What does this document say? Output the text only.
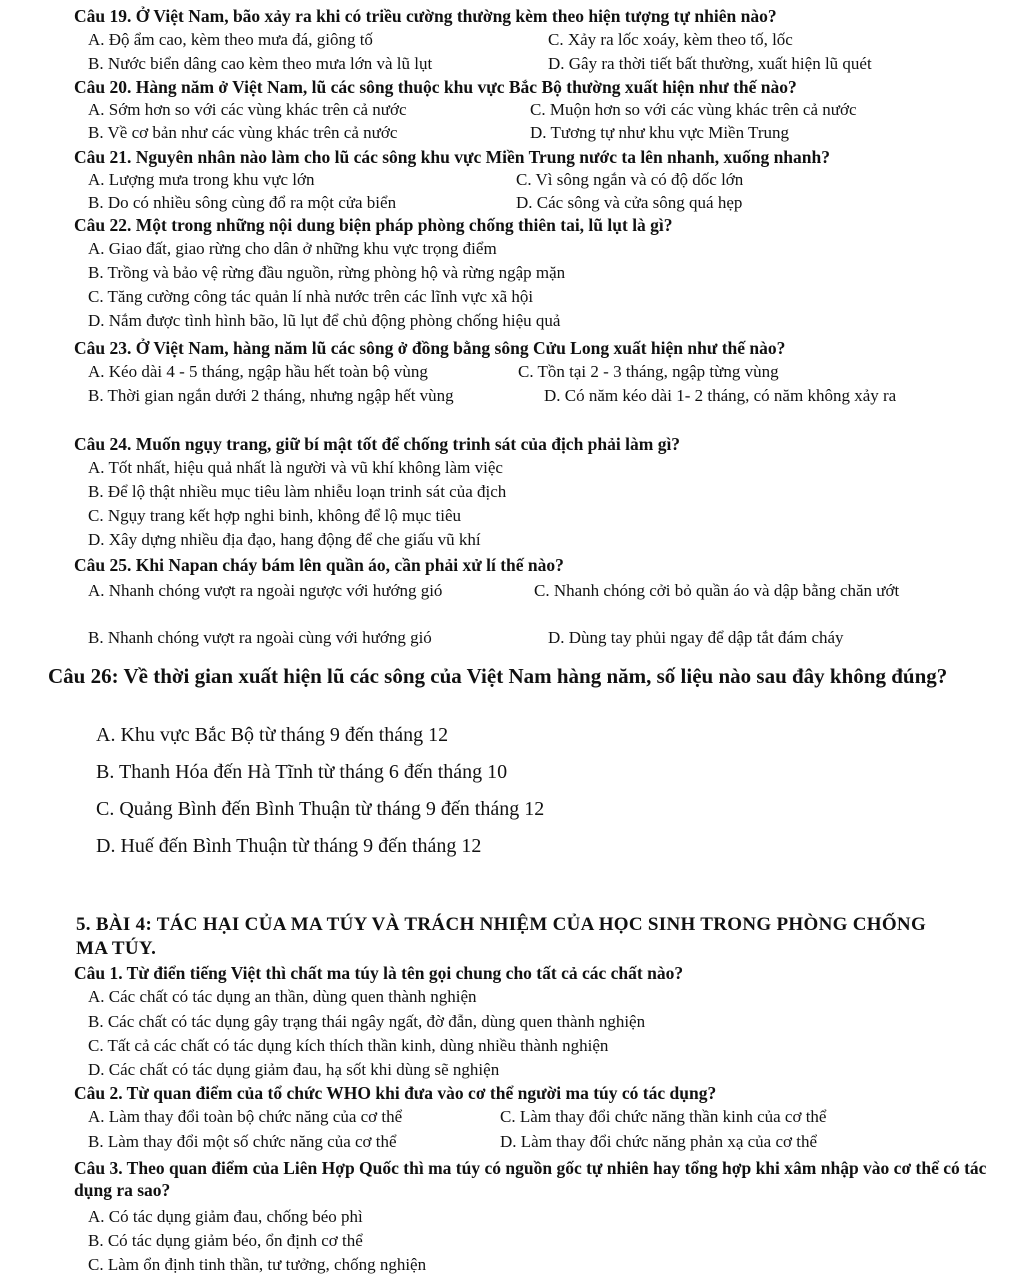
Câu 19. Ở Việt Nam, bão xảy ra khi có triều cường thường kèm theo hiện tượng tự nhiên nào?
A. Độ ẩm cao, kèm theo mưa đá, giông tố	C. Xảy ra lốc xoáy, kèm theo tố, lốc
B. Nước biển dâng cao kèm theo mưa lớn và lũ lụt	D. Gây ra thời tiết bất thường, xuất hiện lũ quét
Câu 20. Hàng năm ở Việt Nam, lũ các sông thuộc khu vực Bắc Bộ thường xuất hiện như thế nào?
A. Sớm hơn so với các vùng khác trên cả nước	C. Muộn hơn so với các vùng khác trên cả nước
B. Về cơ bản như các vùng khác trên cả nước	D. Tương tự như khu vực Miền Trung
Câu 21. Nguyên nhân nào làm cho lũ các sông khu vực Miền Trung nước ta lên nhanh, xuống nhanh?
A. Lượng mưa trong khu vực lớn	C. Vì sông ngắn và có độ dốc lớn
B. Do có nhiều sông cùng đổ ra một cửa biển	D. Các sông và cửa sông quá hẹp
Câu 22. Một trong những nội dung biện pháp phòng chống thiên tai, lũ lụt là gì?
A. Giao đất, giao rừng cho dân ở những khu vực trọng điểm
B. Trồng và bảo vệ rừng đầu nguồn, rừng phòng hộ và rừng ngập mặn
C. Tăng cường công tác quản lí nhà nước trên các lĩnh vực xã hội
D. Nắm được tình hình bão, lũ lụt để chủ động phòng chống hiệu quả
Câu 23. Ở Việt Nam, hàng năm lũ các sông ở đồng bằng sông Cửu Long xuất hiện như thế nào?
A. Kéo dài 4 - 5 tháng, ngập hầu hết toàn bộ vùng	C. Tồn tại 2 - 3 tháng, ngập từng vùng
B. Thời gian ngắn dưới 2 tháng, nhưng ngập hết vùng	D. Có năm kéo dài 1- 2 tháng, có năm không xảy ra
Câu 24. Muốn ngụy trang, giữ bí mật tốt để chống trinh sát của địch phải làm gì?
A. Tốt nhất, hiệu quả nhất là người và vũ khí không làm việc
B. Để lộ thật nhiều mục tiêu làm nhiễu loạn trinh sát của địch
C. Ngụy trang kết hợp nghi binh, không để lộ mục tiêu
D. Xây dựng nhiều địa đạo, hang động để che giấu vũ khí
Câu 25. Khi Napan cháy bám lên quần áo, cần phải xử lí thế nào?
A. Nhanh chóng vượt ra ngoài ngược với hướng gió	C. Nhanh chóng cởi bỏ quần áo và dập bằng chăn ướt
B. Nhanh chóng vượt ra ngoài cùng với hướng gió	D. Dùng tay phủi ngay để dập tắt đám cháy
Câu 26: Về thời gian xuất hiện lũ các sông của Việt Nam hàng năm, số liệu nào sau đây không đúng?
A. Khu vực Bắc Bộ từ tháng 9 đến tháng 12
B. Thanh Hóa đến Hà Tĩnh từ tháng 6 đến tháng 10
C. Quảng Bình đến Bình Thuận từ tháng 9 đến tháng 12
D. Huế đến Bình Thuận từ tháng 9 đến tháng 12
5. BÀI 4: TÁC HẠI CỦA MA TÚY VÀ TRÁCH NHIỆM CỦA HỌC SINH TRONG PHÒNG CHỐNG MA TÚY.
Câu 1. Từ điển tiếng Việt thì chất ma túy là tên gọi chung cho tất cả các chất nào?
A. Các chất có tác dụng an thần, dùng quen thành nghiện
B. Các chất có tác dụng gây trạng thái ngây ngất, đờ đẫn, dùng quen thành nghiện
C. Tất cả các chất có tác dụng kích thích thần kinh, dùng nhiều thành nghiện
D. Các chất có tác dụng giảm đau, hạ sốt khi dùng sẽ nghiện
Câu 2. Từ quan điểm của tổ chức WHO khi đưa vào cơ thể người ma túy có tác dụng?
A. Làm thay đổi toàn bộ chức năng của cơ thể	C. Làm thay đổi chức năng thần kinh của cơ thể
B. Làm thay đổi một số chức năng của cơ thể	D. Làm thay đổi chức năng phản xạ của cơ thể
Câu 3. Theo quan điểm của Liên Hợp Quốc thì ma túy có nguồn gốc tự nhiên hay tổng hợp khi xâm nhập vào cơ thể có tác dụng ra sao?
A. Có tác dụng giảm đau, chống béo phì
B. Có tác dụng giảm béo, ổn định cơ thể
C. Làm ổn định tinh thần, tư tưởng, chống nghiện
